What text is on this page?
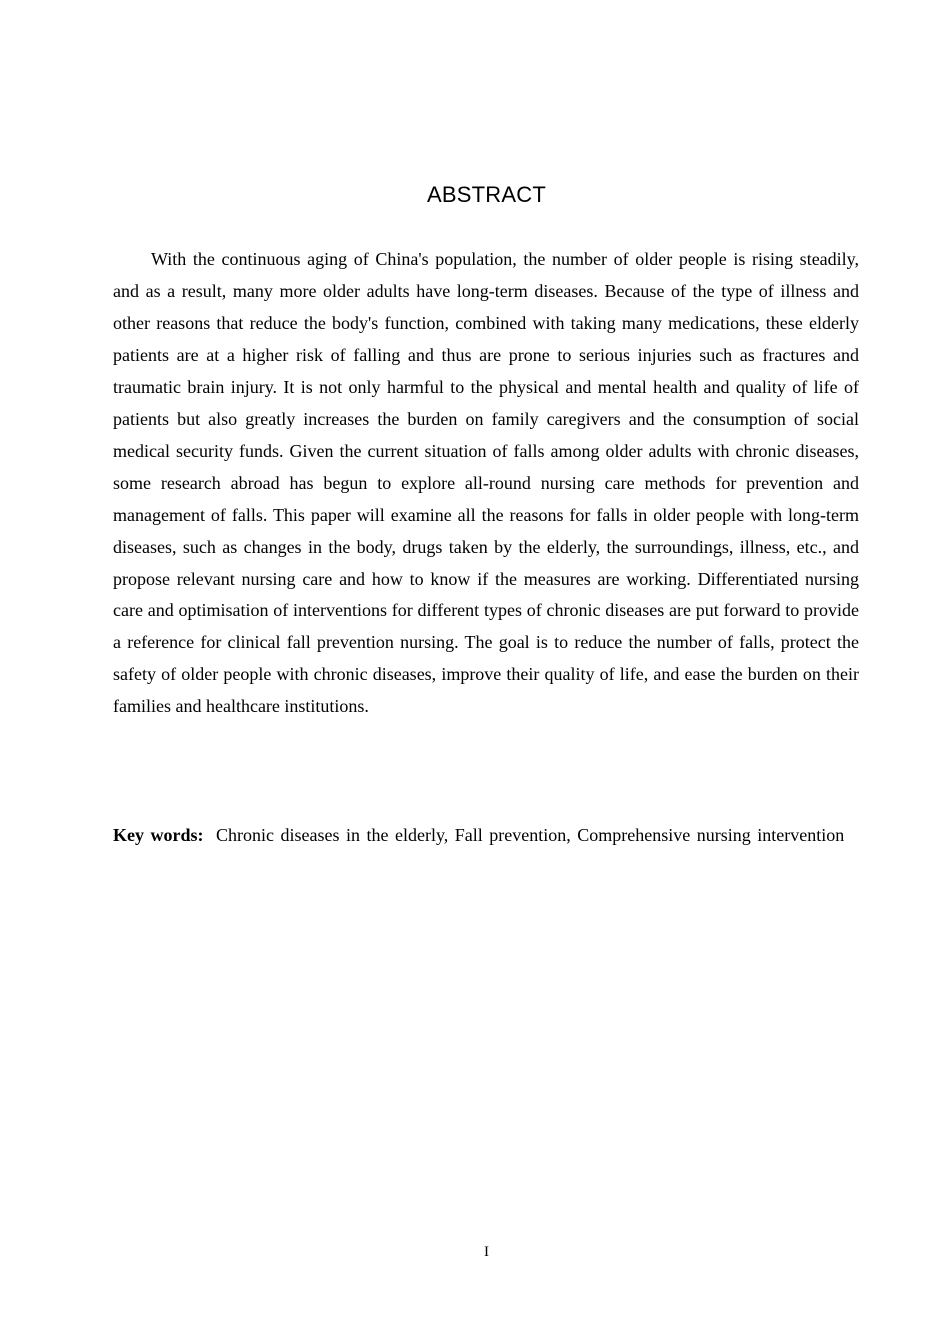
ABSTRACT

With the continuous aging of China's population, the number of older people is rising steadily, and as a result, many more older adults have long-term diseases. Because of the type of illness and other reasons that reduce the body's function, combined with taking many medications, these elderly patients are at a higher risk of falling and thus are prone to serious injuries such as fractures and traumatic brain injury. It is not only harmful to the physical and mental health and quality of life of patients but also greatly increases the burden on family caregivers and the consumption of social medical security funds. Given the current situation of falls among older adults with chronic diseases, some research abroad has begun to explore all-round nursing care methods for prevention and management of falls. This paper will examine all the reasons for falls in older people with long-term diseases, such as changes in the body, drugs taken by the elderly, the surroundings, illness, etc., and propose relevant nursing care and how to know if the measures are working. Differentiated nursing care and optimisation of interventions for different types of chronic diseases are put forward to provide a reference for clinical fall prevention nursing. The goal is to reduce the number of falls, protect the safety of older people with chronic diseases, improve their quality of life, and ease the burden on their families and healthcare institutions.

Key words: Chronic diseases in the elderly, Fall prevention, Comprehensive nursing intervention

I
